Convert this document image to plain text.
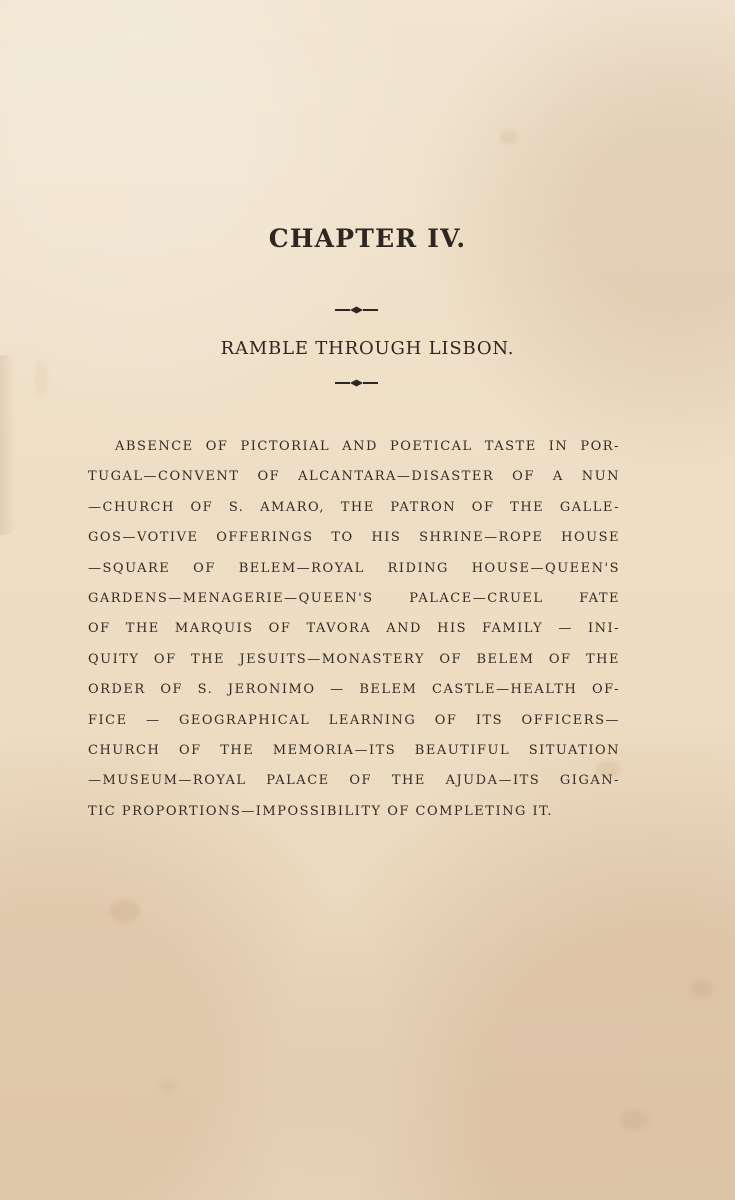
CHAPTER IV.
RAMBLE THROUGH LISBON.

ABSENCE OF PICTORIAL AND POETICAL TASTE IN POR-
TUGAL—CONVENT OF ALCANTARA—DISASTER OF A NUN
—CHURCH OF S. AMARO, THE PATRON OF THE GALLE-
GOS—VOTIVE OFFERINGS TO HIS SHRINE—ROPE HOUSE
—SQUARE OF BELEM—ROYAL RIDING HOUSE—QUEEN'S
GARDENS—MENAGERIE—QUEEN'S PALACE—CRUEL FATE
OF THE MARQUIS OF TAVORA AND HIS FAMILY — INI-
QUITY OF THE JESUITS—MONASTERY OF BELEM OF THE
ORDER OF S. JERONIMO — BELEM CASTLE—HEALTH OF-
FICE — GEOGRAPHICAL LEARNING OF ITS OFFICERS—
CHURCH OF THE MEMORIA—ITS BEAUTIFUL SITUATION
—MUSEUM—ROYAL PALACE OF THE AJUDA—ITS GIGAN-
TIC PROPORTIONS—IMPOSSIBILITY OF COMPLETING IT.
